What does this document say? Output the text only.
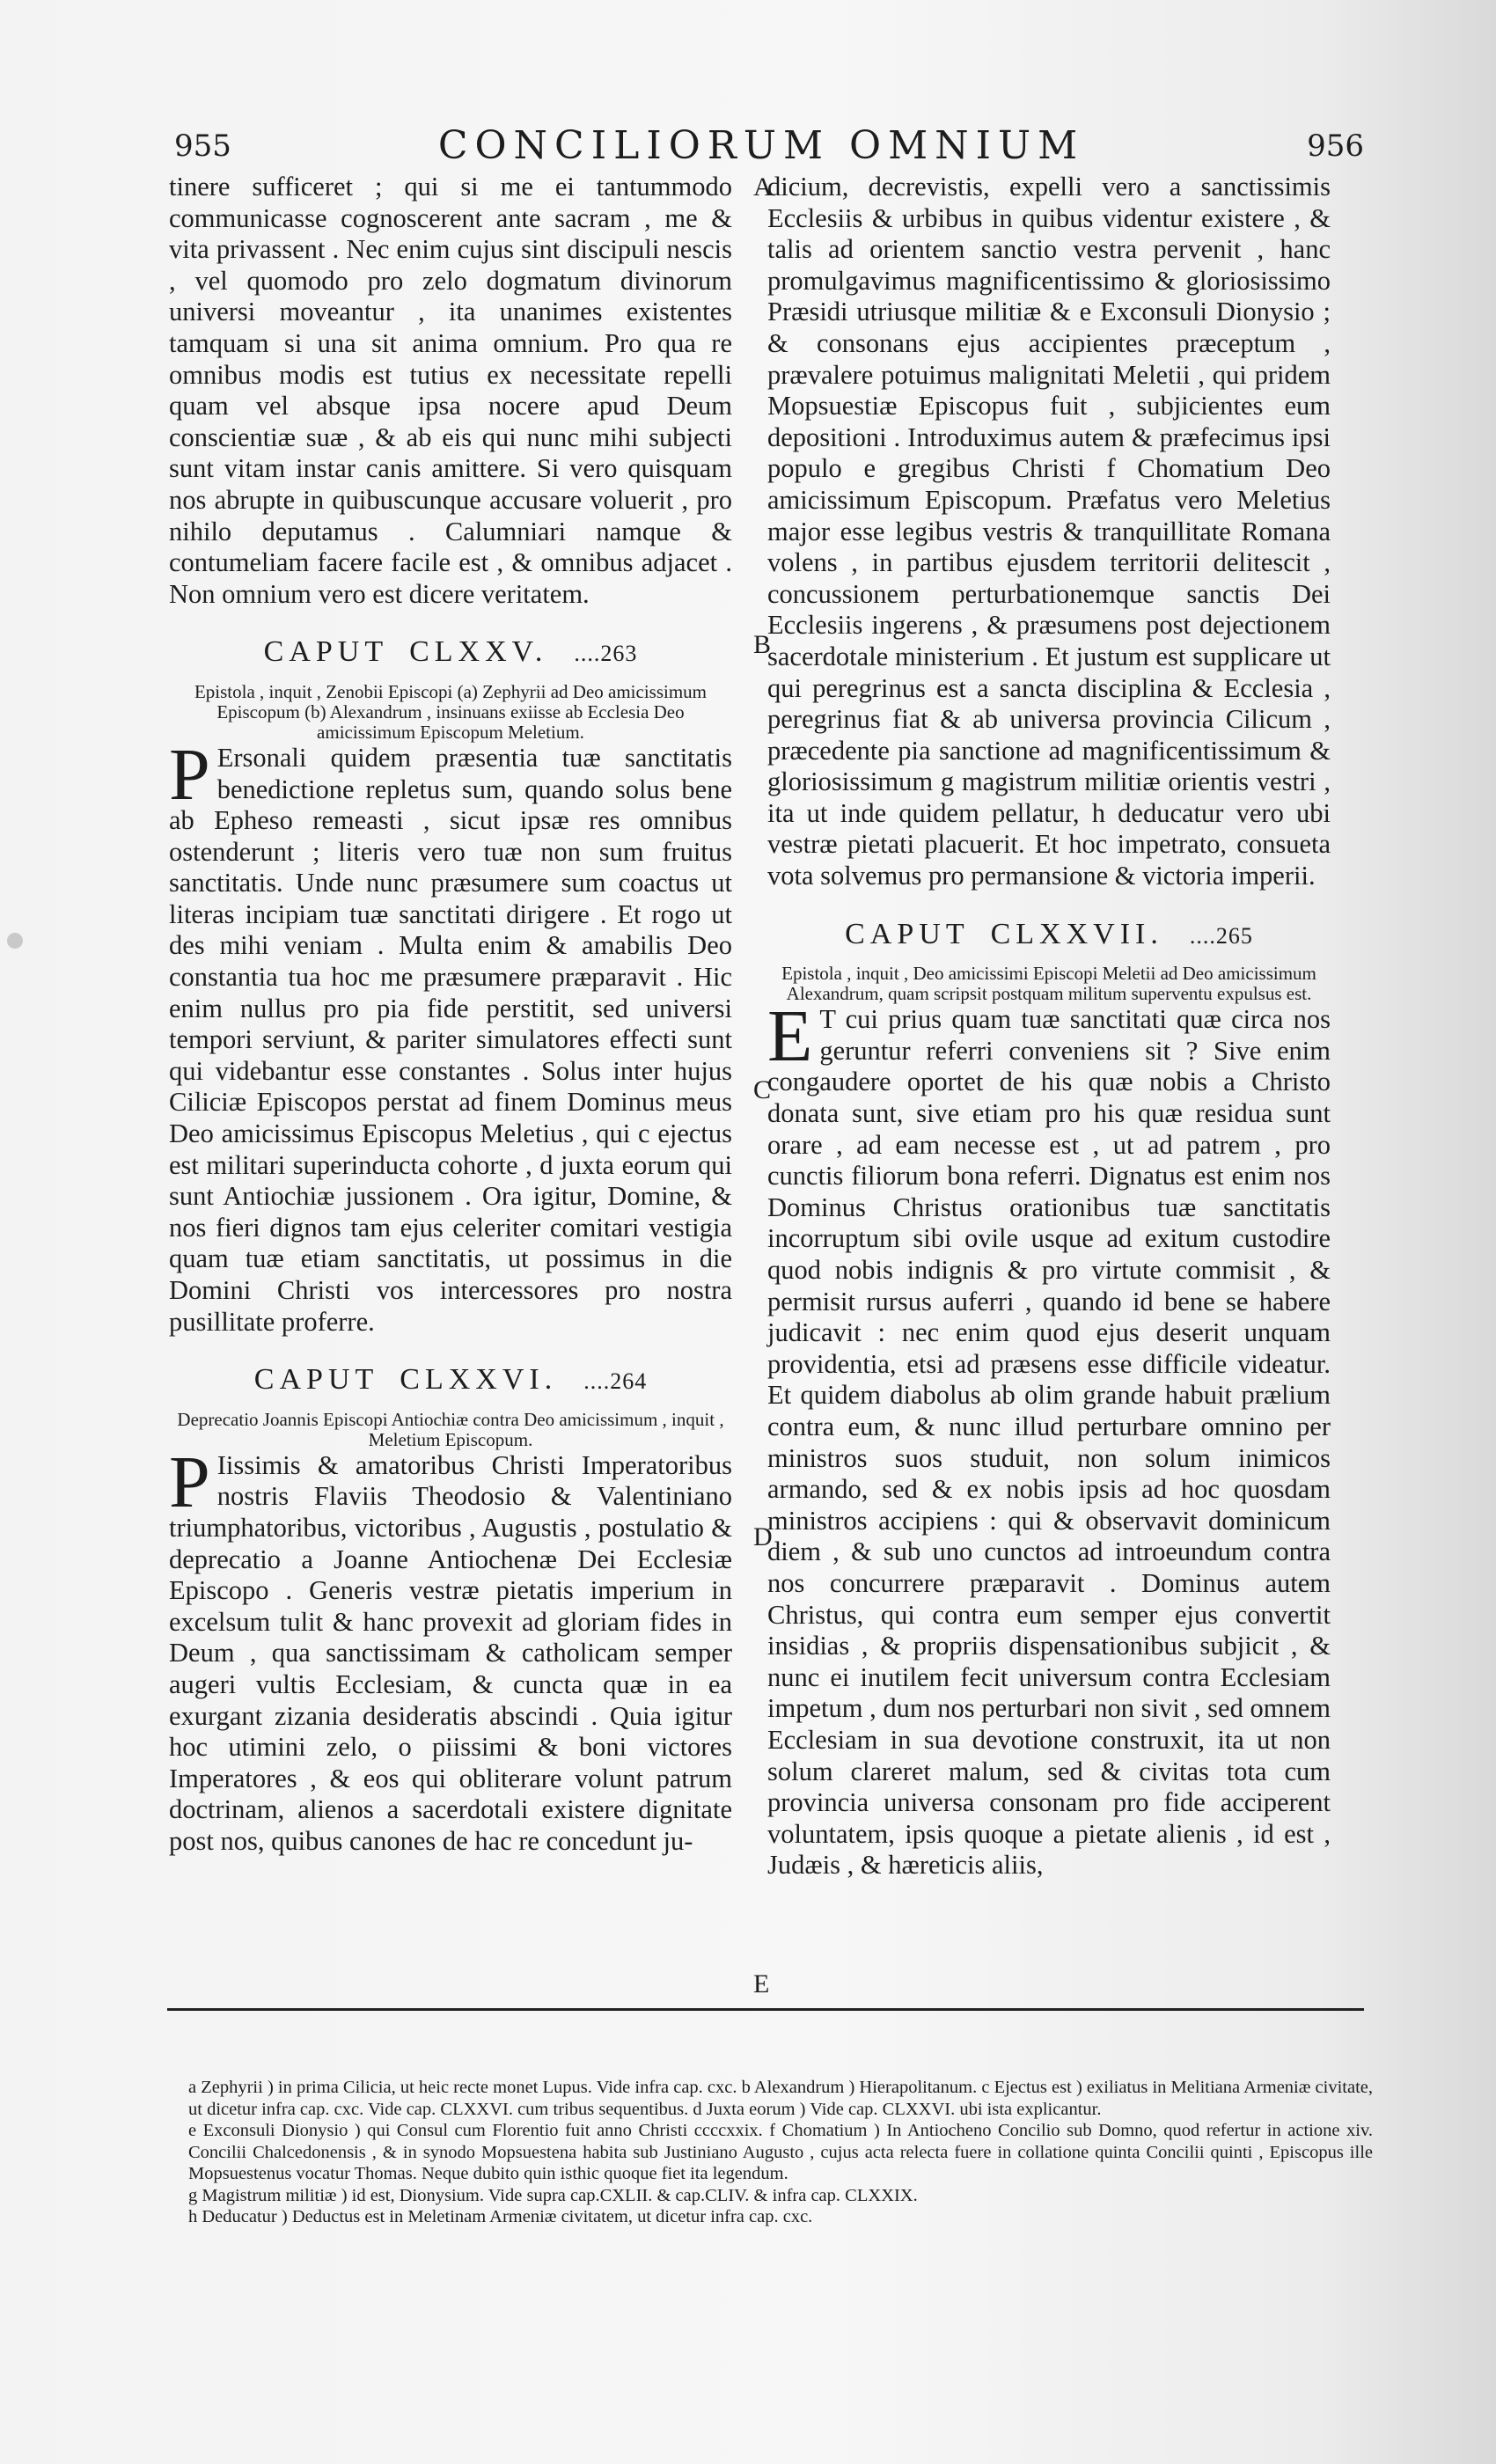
955	CONCILIORUM OMNIUM	956

tinere sufficeret ; qui si me ei tantummodo communicasse cognoscerent ante sacram , me & vita privassent . Nec enim cujus sint discipuli nescis , vel quomodo pro zelo dogmatum divinorum universi moveantur , ita unanimes existentes tamquam si una sit anima omnium. Pro qua re omnibus modis est tutius ex necessitate repelli quam vel absque ipsa nocere apud Deum conscientiæ suæ , & ab eis qui nunc mihi subjecti sunt vitam instar canis amittere. Si vero quisquam nos abrupte in quibuscunque accusare voluerit , pro nihilo deputamus . Calumniari namque & contumeliam facere facile est , & omnibus adjacet . Non omnium vero est dicere veritatem.

CAPUT CLXXV. ....263

Epistola , inquit , Zenobii Episcopi (a) Zephyrii ad Deo amicissimum Episcopum (b) Alexandrum , insinuans exiisse ab Ecclesia Deo amicissimum Episcopum Meletium.

P Ersonali quidem præsentia tuæ sanctitatis benedictione repletus sum, quando solus bene ab Epheso remeasti , sicut ipsæ res omnibus ostenderunt ; literis vero tuæ non sum fruitus sanctitatis. Unde nunc præsumere sum coactus ut literas incipiam tuæ sanctitati dirigere . Et rogo ut des mihi veniam . Multa enim & amabilis Deo constantia tua hoc me præsumere præparavit . Hic enim nullus pro pia fide perstitit, sed universi tempori serviunt, & pariter simulatores effecti sunt qui videbantur esse constantes . Solus inter hujus Ciliciæ Episcopos perstat ad finem Dominus meus Deo amicissimus Episcopus Meletius , qui c ejectus est militari superinducta cohorte , d juxta eorum qui sunt Antiochiæ jussionem . Ora igitur, Domine, & nos fieri dignos tam ejus celeriter comitari vestigia quam tuæ etiam sanctitatis, ut possimus in die Domini Christi vos intercessores pro nostra pusillitate proferre.

CAPUT CLXXVI. ....264

Deprecatio Joannis Episcopi Antiochiæ contra Deo amicissimum , inquit , Meletium Episcopum.

P Iissimis & amatoribus Christi Imperatoribus nostris Flaviis Theodosio & Valentiniano triumphatoribus, victoribus , Augustis , postulatio & deprecatio a Joanne Antiochenæ Dei Ecclesiæ Episcopo . Generis vestræ pietatis imperium in excelsum tulit & hanc provexit ad gloriam fides in Deum , qua sanctissimam & catholicam semper augeri vultis Ecclesiam, & cuncta quæ in ea exurgant zizania desideratis abscindi . Quia igitur hoc utimini zelo, o piissimi & boni victores Imperatores , & eos qui obliterare volunt patrum doctrinam, alienos a sacerdotali existere dignitate post nos, quibus canones de hac re concedunt ju-

A
B
C
D
E

dicium, decrevistis, expelli vero a sanctissimis Ecclesiis & urbibus in quibus videntur existere , & talis ad orientem sanctio vestra pervenit , hanc promulgavimus magnificentissimo & gloriosissimo Præsidi utriusque militiæ & e Exconsuli Dionysio ; & consonans ejus accipientes præceptum , prævalere potuimus malignitati Meletii , qui pridem Mopsuestiæ Episcopus fuit , subjicientes eum depositioni . Introduximus autem & præfecimus ipsi populo e gregibus Christi f Chomatium Deo amicissimum Episcopum. Præfatus vero Meletius major esse legibus vestris & tranquillitate Romana volens , in partibus ejusdem territorii delitescit , concussionem perturbationemque sanctis Dei Ecclesiis ingerens , & præsumens post dejectionem sacerdotale ministerium . Et justum est supplicare ut qui peregrinus est a sancta disciplina & Ecclesia , peregrinus fiat & ab universa provincia Cilicum , præcedente pia sanctione ad magnificentissimum & gloriosissimum g magistrum militiæ orientis vestri , ita ut inde quidem pellatur, h deducatur vero ubi vestræ pietati placuerit. Et hoc impetrato, consueta vota solvemus pro permansione & victoria imperii.

CAPUT CLXXVII. ....265

Epistola , inquit , Deo amicissimi Episcopi Meletii ad Deo amicissimum Alexandrum, quam scripsit postquam militum superventu expulsus est.

E T cui prius quam tuæ sanctitati quæ circa nos geruntur referri conveniens sit ? Sive enim congaudere oportet de his quæ nobis a Christo donata sunt, sive etiam pro his quæ residua sunt orare , ad eam necesse est , ut ad patrem , pro cunctis filiorum bona referri. Dignatus est enim nos Dominus Christus orationibus tuæ sanctitatis incorruptum sibi ovile usque ad exitum custodire quod nobis indignis & pro virtute commisit , & permisit rursus auferri , quando id bene se habere judicavit : nec enim quod ejus deserit unquam providentia, etsi ad præsens esse difficile videatur. Et quidem diabolus ab olim grande habuit prælium contra eum, & nunc illud perturbare omnino per ministros suos studuit, non solum inimicos armando, sed & ex nobis ipsis ad hoc quosdam ministros accipiens : qui & observavit dominicum diem , & sub uno cunctos ad introeundum contra nos concurrere præparavit . Dominus autem Christus, qui contra eum semper ejus convertit insidias , & propriis dispensationibus subjicit , & nunc ei inutilem fecit universum contra Ecclesiam impetum , dum nos perturbari non sivit , sed omnem Ecclesiam in sua devotione construxit, ita ut non solum clareret malum, sed & civitas tota cum provincia universa consonam pro fide acciperent voluntatem, ipsis quoque a pietate alienis , id est , Judæis , & hæreticis aliis,

a Zephyrii ) in prima Cilicia, ut heic recte monet Lupus. Vide infra cap. cxc. b Alexandrum ) Hierapolitanum. c Ejectus est ) exiliatus in Melitiana Armeniæ civitate, ut dicetur infra cap. cxc. Vide cap. CLXXVI. cum tribus sequentibus. d Juxta eorum ) Vide cap. CLXXVI. ubi ista explicantur.

e Exconsuli Dionysio ) qui Consul cum Florentio fuit anno Christi ccccxxix. f Chomatium ) In Antiocheno Concilio sub Domno, quod refertur in actione xiv. Concilii Chalcedonensis , & in synodo Mopsuestena habita sub Justiniano Augusto , cujus acta relecta fuere in collatione quinta Concilii quinti , Episcopus ille Mopsuestenus vocatur Thomas. Neque dubito quin isthic quoque fiet ita legendum.

g Magistrum militiæ ) id est, Dionysium. Vide supra cap.CXLII. & cap.CLIV. & infra cap. CLXXIX.

h Deducatur ) Deductus est in Meletinam Armeniæ civitatem, ut dicetur infra cap. cxc.
